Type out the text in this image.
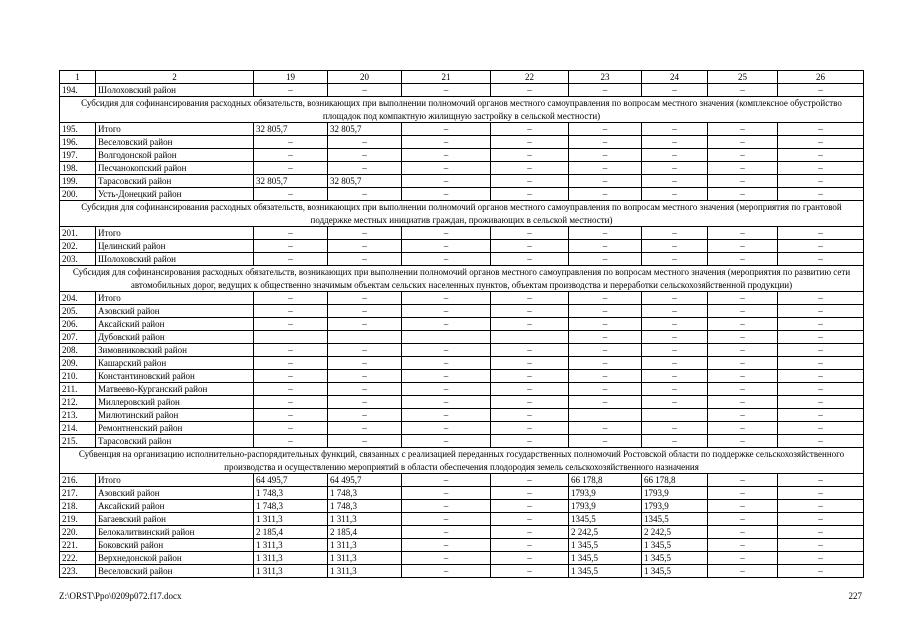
1	2	19	20	21	22	23	24	25	26
194.	Шолоховский район	–	–	–	–	–	–	–	–
Субсидия для софинансирования расходных обязательств, возникающих при выполнении полномочий органов местного самоуправления по вопросам местного значения (комплексное обустройство площадок под компактную жилищную застройку в сельской местности)									
195.	Итого	32 805,7	32 805,7	–	–	–	–	–	–
196.	Веселовский район	–	–	–	–	–	–	–	–
197.	Волгодонской район	–	–	–	–	–	–	–	–
198.	Песчанокопский район	–	–	–	–	–	–	–	–
199.	Тарасовский район	32 805,7	32 805,7	–	–	–	–	–	–
200.	Усть-Донецкий район	–	–	–	–	–	–	–	–
Субсидия для софинансирования расходных обязательств, возникающих при выполнении полномочий органов местного самоуправления по вопросам местного значения (мероприятия по грантовой поддержке местных инициатив граждан, проживающих в сельской местности)									
201.	Итого	–	–	–	–	–	–	–	–
202.	Целинский район	–	–	–	–	–	–	–	–
203.	Шолоховский район	–	–	–	–	–	–	–	–
Субсидия для софинансирования расходных обязательств, возникающих при выполнении полномочий органов местного самоуправления по вопросам местного значения (мероприятия по развитию сети автомобильных дорог, ведущих к общественно значимым объектам сельских населенных пунктов, объектам производства и переработки сельскохозяйственной продукции)									
204.	Итого	–	–	–	–	–	–	–	–
205.	Азовский район	–	–	–	–	–	–	–	–
206.	Аксайский район	–	–	–	–	–	–	–	–
207.	Дубовский район					–	–	–	–
208.	Зимовниковский район	–	–	–	–	–	–	–	–
209.	Кашарский район	–	–	–	–	–	–	–	–
210.	Константиновский район	–	–	–	–	–	–	–	–
211.	Матвеево-Курганский район	–	–	–	–	–	–	–	–
212.	Миллеровский район	–	–	–	–	–	–	–	–
213.	Милютинский район	–	–	–	–			–	–
214.	Ремонтненский район	–	–	–	–	–	–	–	–
215.	Тарасовский район	–	–	–	–	–	–	–	–
Субвенция на организацию исполнительно-распорядительных функций, связанных с реализацией переданных государственных полномочий Ростовской области по поддержке сельскохозяйственного производства и осуществлению мероприятий в области обеспечения плодородия земель сельскохозяйственного назначения									
216.	Итого	64 495,7	64 495,7	–	–	66 178,8	66 178,8	–	–
217.	Азовский район	1 748,3	1 748,3	–	–	1793,9	1793,9	–	–
218.	Аксайский район	1 748,3	1 748,3	–	–	1793,9	1793,9	–	–
219.	Багаевский район	1 311,3	1 311,3	–	–	1345,5	1345,5	–	–
220.	Белокалитвинский район	2 185,4	2 185,4	–	–	2 242,5	2 242,5	–	–
221.	Боковский район	1 311,3	1 311,3	–	–	1 345,5	1 345,5	–	–
222.	Верхнедонской район	1 311,3	1 311,3	–	–	1 345,5	1 345,5	–	–
223.	Веселовский район	1 311,3	1 311,3	–	–	1 345,5	1 345,5	–	–
Z:\ORST\Ppo\0209p072.f17.docx	227
